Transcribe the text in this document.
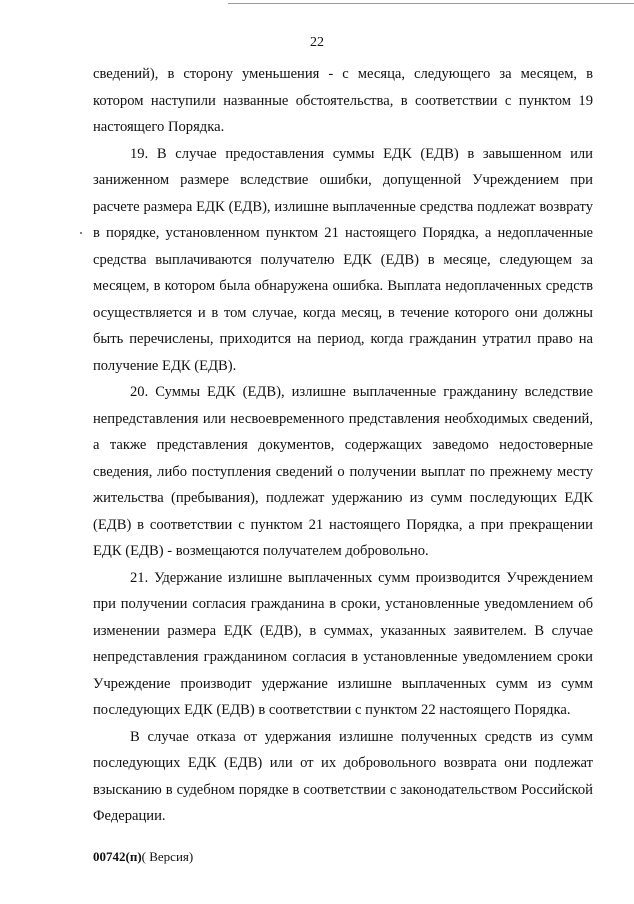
22

сведений), в сторону уменьшения - с месяца, следующего за месяцем, в котором наступили названные обстоятельства, в соответствии с пунктом 19 настоящего Порядка.

19. В случае предоставления суммы ЕДК (ЕДВ) в завышенном или заниженном размере вследствие ошибки, допущенной Учреждением при расчете размера ЕДК (ЕДВ), излишне выплаченные средства подлежат возврату в порядке, установленном пунктом 21 настоящего Порядка, а недоплаченные средства выплачиваются получателю ЕДК (ЕДВ) в месяце, следующем за месяцем, в котором была обнаружена ошибка. Выплата недоплаченных средств осуществляется и в том случае, когда месяц, в течение которого они должны быть перечислены, приходится на период, когда гражданин утратил право на получение ЕДК (ЕДВ).

20. Суммы ЕДК (ЕДВ), излишне выплаченные гражданину вследствие непредставления или несвоевременного представления необходимых сведений, а также представления документов, содержащих заведомо недостоверные сведения, либо поступления сведений о получении выплат по прежнему месту жительства (пребывания), подлежат удержанию из сумм последующих ЕДК (ЕДВ) в соответствии с пунктом 21 настоящего Порядка, а при прекращении ЕДК (ЕДВ) - возмещаются получателем добровольно.

21. Удержание излишне выплаченных сумм производится Учреждением при получении согласия гражданина в сроки, установленные уведомлением об изменении размера ЕДК (ЕДВ), в суммах, указанных заявителем. В случае непредставления гражданином согласия в установленные уведомлением сроки Учреждение производит удержание излишне выплаченных сумм из сумм последующих ЕДК (ЕДВ) в соответствии с пунктом 22 настоящего Порядка.

В случае отказа от удержания излишне полученных средств из сумм последующих ЕДК (ЕДВ) или от их добровольного возврата они подлежат взысканию в судебном порядке в соответствии с законодательством Российской Федерации.

00742(п)( Версия)
